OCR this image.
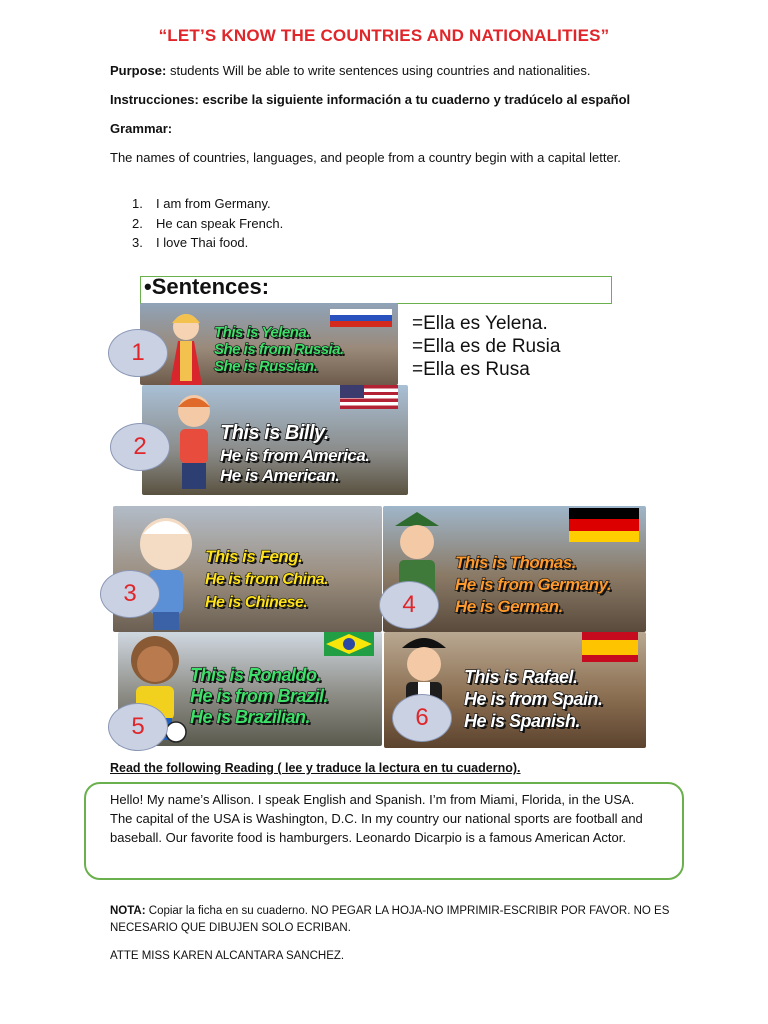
“LET’S KNOW THE COUNTRIES AND NATIONALITIES”
Purpose: students Will be able to write sentences using countries and nationalities.
Instrucciones: escribe la siguiente información a tu cuaderno y tradúcelo al español
Grammar:
The names of countries, languages, and people from a country begin with a capital letter.
1. I am from Germany.
2. He can speak French.
3. I love Thai food.
•Sentences:
This is Yelena.
She is from Russia.
She is Russian.
1
=Ella es Yelena.
=Ella es de Rusia
=Ella es Rusa
This is Billy.
He is from America.
He is American.
2
This is Feng.
He is from China.
He is Chinese.
3
This is Thomas.
He is from Germany.
He is German.
4
This is Ronaldo.
He is from Brazil.
He is Brazilian.
5
This is Rafael.
He is from Spain.
He is Spanish.
6
Read the following Reading ( lee y traduce la lectura en tu cuaderno).
Hello! My name’s Allison. I speak English and Spanish. I’m from Miami, Florida, in the USA. The capital of the USA is Washington, D.C. In my country our national sports are football and baseball. Our favorite food is hamburgers. Leonardo Dicarpio is a famous American Actor.
NOTA: Copiar la ficha en su cuaderno. NO PEGAR LA HOJA-NO IMPRIMIR-ESCRIBIR POR FAVOR. NO ES NECESARIO QUE DIBUJEN SOLO ECRIBAN.
ATTE MISS KAREN ALCANTARA SANCHEZ.
